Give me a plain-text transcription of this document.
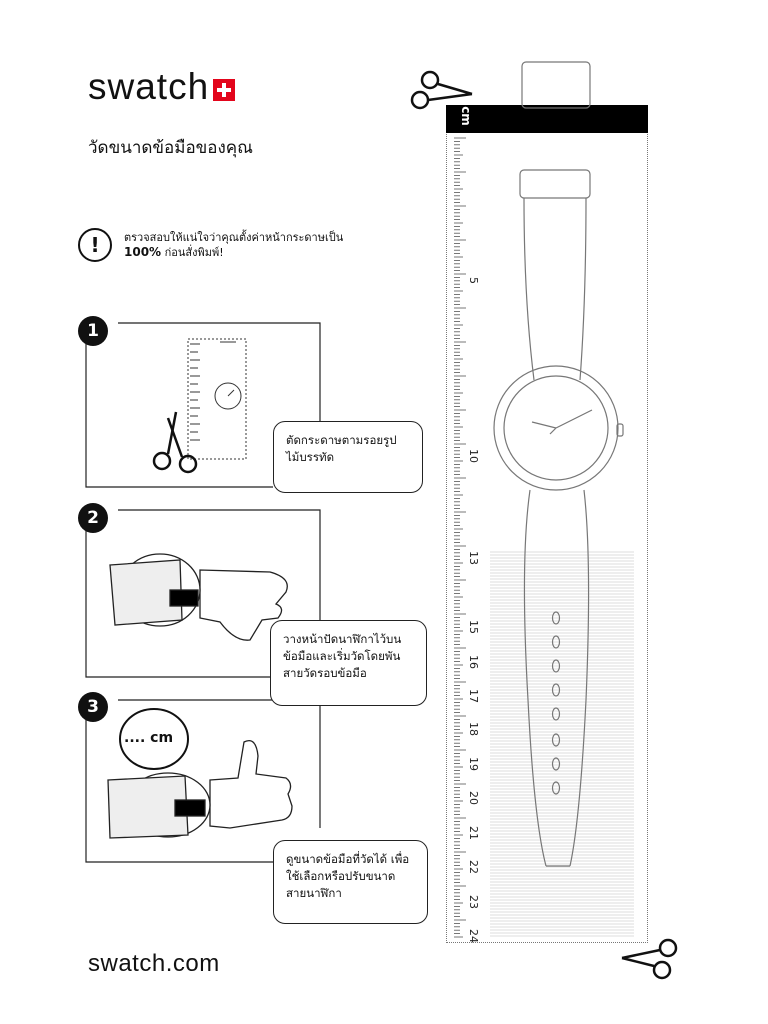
swatch
วัดขนาดข้อมือของคุณ
!	ตรวจสอบให้แน่ใจว่าคุณตั้งค่าหน้ากระดาษเป็น
100% ก่อนสั่งพิมพ์!
1
ตัดกระดาษตามรอยรูปไม้บรรทัด
2
วางหน้าปัดนาฬิกาไว้บนข้อมือและเริ่มวัดโดยพันสายวัดรอบข้อมือ
3
.... cm
ดูขนาดข้อมือที่วัดได้ เพื่อใช้เลือกหรือปรับขนาดสายนาฬิกา
cm
5
10
13
15
16
17
18
19
20
21
22
23
24
swatch.com
